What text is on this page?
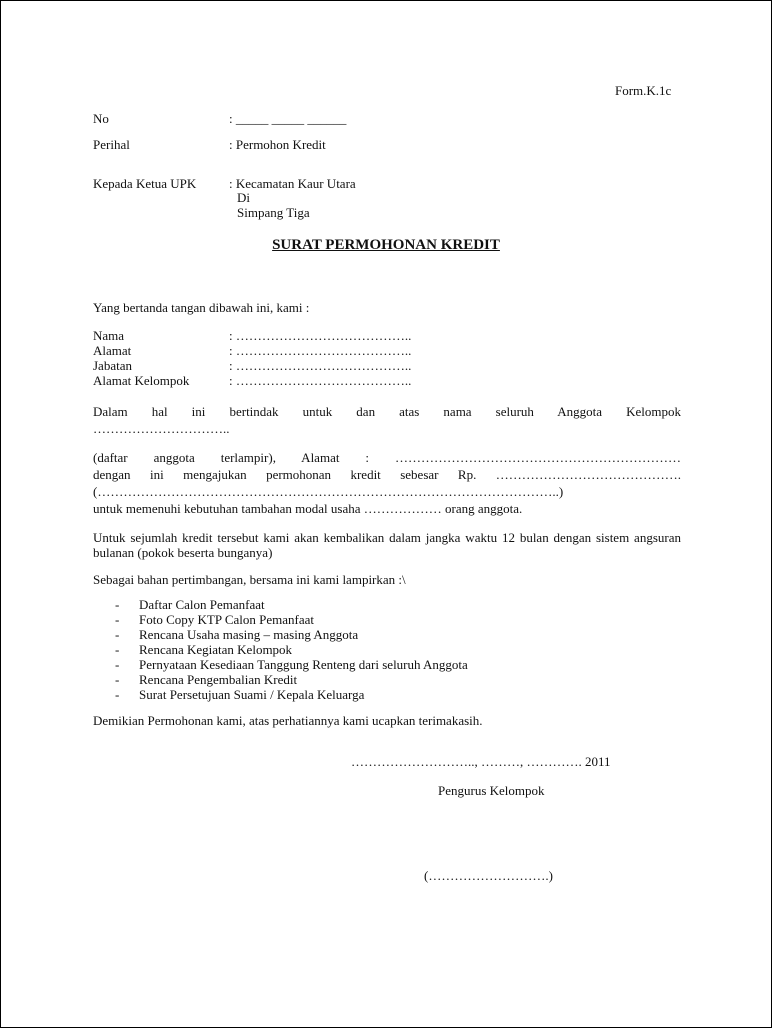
Form.K.1c
No	: _____ _____ ______
Perihal	: Permohon Kredit
Kepada Ketua UPK	: Kecamatan Kaur Utara
Di
Simpang Tiga
SURAT PERMOHONAN KREDIT
Yang bertanda tangan dibawah ini, kami :
Nama	: …………………………………..
Alamat	: …………………………………..
Jabatan	: …………………………………..
Alamat Kelompok	: …………………………………..
Dalam hal ini bertindak untuk dan atas nama seluruh Anggota Kelompok
…………………………..
(daftar anggota terlampir), Alamat : …………………………………………………………
dengan ini mengajukan permohonan kredit sebesar Rp. …………………………………….
(……………………………………………………………………………………………..)
untuk memenuhi kebutuhan tambahan modal usaha ……………… orang anggota.
Untuk sejumlah kredit tersebut kami akan kembalikan dalam jangka waktu 12 bulan dengan sistem angsuran bulanan (pokok beserta bunganya)
Sebagai bahan pertimbangan, bersama ini kami lampirkan :\
- Daftar Calon Pemanfaat
- Foto Copy KTP Calon Pemanfaat
- Rencana Usaha masing – masing Anggota
- Rencana Kegiatan Kelompok
- Pernyataan Kesediaan Tanggung Renteng dari seluruh Anggota
- Rencana Pengembalian Kredit
- Surat Persetujuan Suami / Kepala Keluarga
Demikian Permohonan kami, atas perhatiannya kami ucapkan terimakasih.
……………………….., ………, …………. 2011
Pengurus Kelompok
(……………………….)
